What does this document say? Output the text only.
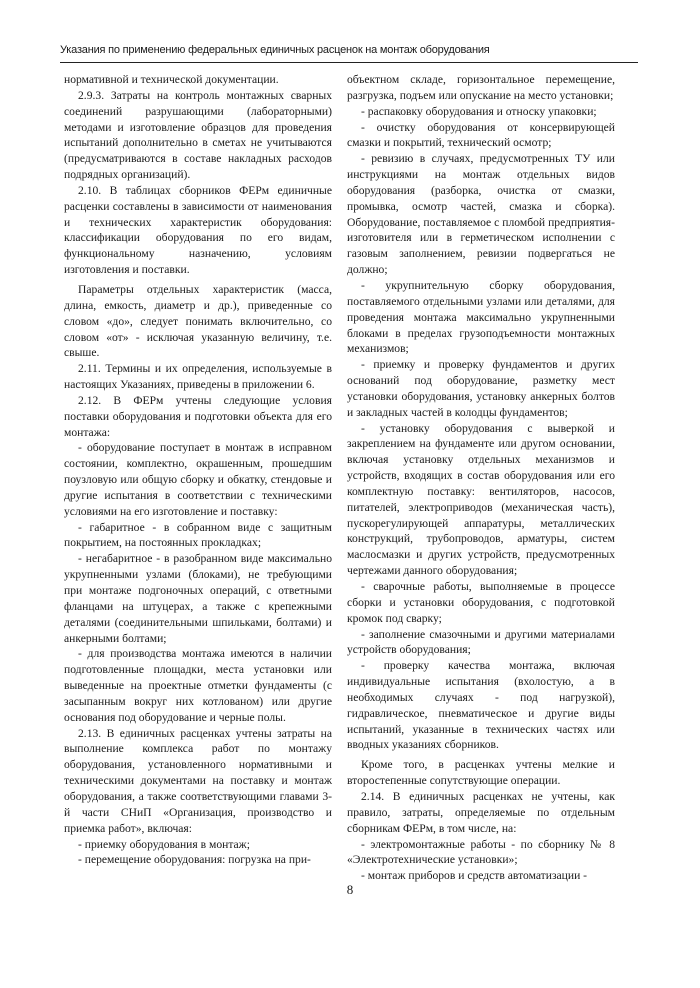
Указания по применению федеральных единичных расценок на монтаж оборудования

нормативной и технической документации.

2.9.3. Затраты на контроль монтажных сварных соединений разрушающими (лабораторными) методами и изготовление образцов для проведения испытаний дополнительно в сметах не учитываются (предусматриваются в составе накладных расходов подрядных организаций).

2.10. В таблицах сборников ФЕРм единичные расценки составлены в зависимости от наименования и технических характеристик оборудования: классификации оборудования по его видам, функциональному назначению, условиям изготовления и поставки.

Параметры отдельных характеристик (масса, длина, емкость, диаметр и др.), приведенные со словом «до», следует понимать включительно, со словом «от» - исключая указанную величину, т.е. свыше.

2.11. Термины и их определения, используемые в настоящих Указаниях, приведены в приложении 6.

2.12. В ФЕРм учтены следующие условия поставки оборудования и подготовки объекта для его монтажа:

- оборудование поступает в монтаж в исправном состоянии, комплектно, окрашенным, прошедшим поузловую или общую сборку и обкатку, стендовые и другие испытания в соответствии с техническими условиями на его изготовление и поставку:

- габаритное - в собранном виде с защитным покрытием, на постоянных прокладках;

- негабаритное - в разобранном виде максимально укрупненными узлами (блоками), не требующими при монтаже подгоночных операций, с ответными фланцами на штуцерах, а также с крепежными деталями (соединительными шпильками, болтами) и анкерными болтами;

- для производства монтажа имеются в наличии подготовленные площадки, места установки или выведенные на проектные отметки фундаменты (с засыпанным вокруг них котлованом) или другие основания под оборудование и черные полы.

2.13. В единичных расценках учтены затраты на выполнение комплекса работ по монтажу оборудования, установленного нормативными и техническими документами на поставку и монтаж оборудования, а также соответствующими главами 3-й части СНиП «Организация, производство и приемка работ», включая:

- приемку оборудования в монтаж;

- перемещение оборудования: погрузка на при-

объектном складе, горизонтальное перемещение, разгрузка, подъем или опускание на место установки;

- распаковку оборудования и относку упаковки;

- очистку оборудования от консервирующей смазки и покрытий, технический осмотр;

- ревизию в случаях, предусмотренных ТУ или инструкциями на монтаж отдельных видов оборудования (разборка, очистка от смазки, промывка, осмотр частей, смазка и сборка). Оборудование, поставляемое с пломбой предприятия-изготовителя или в герметическом исполнении с газовым заполнением, ревизии подвергаться не должно;

- укрупнительную сборку оборудования, поставляемого отдельными узлами или деталями, для проведения монтажа максимально укрупненными блоками в пределах грузоподъемности монтажных механизмов;

- приемку и проверку фундаментов и других оснований под оборудование, разметку мест установки оборудования, установку анкерных болтов и закладных частей в колодцы фундаментов;

- установку оборудования с выверкой и закреплением на фундаменте или другом основании, включая установку отдельных механизмов и устройств, входящих в состав оборудования или его комплектную поставку: вентиляторов, насосов, питателей, электроприводов (механическая часть), пускорегулирующей аппаратуры, металлических конструкций, трубопроводов, арматуры, систем маслосмазки и других устройств, предусмотренных чертежами данного оборудования;

- сварочные работы, выполняемые в процессе сборки и установки оборудования, с подготовкой кромок под сварку;

- заполнение смазочными и другими материалами устройств оборудования;

- проверку качества монтажа, включая индивидуальные испытания (вхолостую, а в необходимых случаях - под нагрузкой), гидравлическое, пневматическое и другие виды испытаний, указанные в технических частях или вводных указаниях сборников.

Кроме того, в расценках учтены мелкие и второстепенные сопутствующие операции.

2.14. В единичных расценках не учтены, как правило, затраты, определяемые по отдельным сборникам ФЕРм, в том числе, на:

- электромонтажные работы - по сборнику № 8 «Электротехнические установки»;

- монтаж приборов и средств автоматизации -

8
